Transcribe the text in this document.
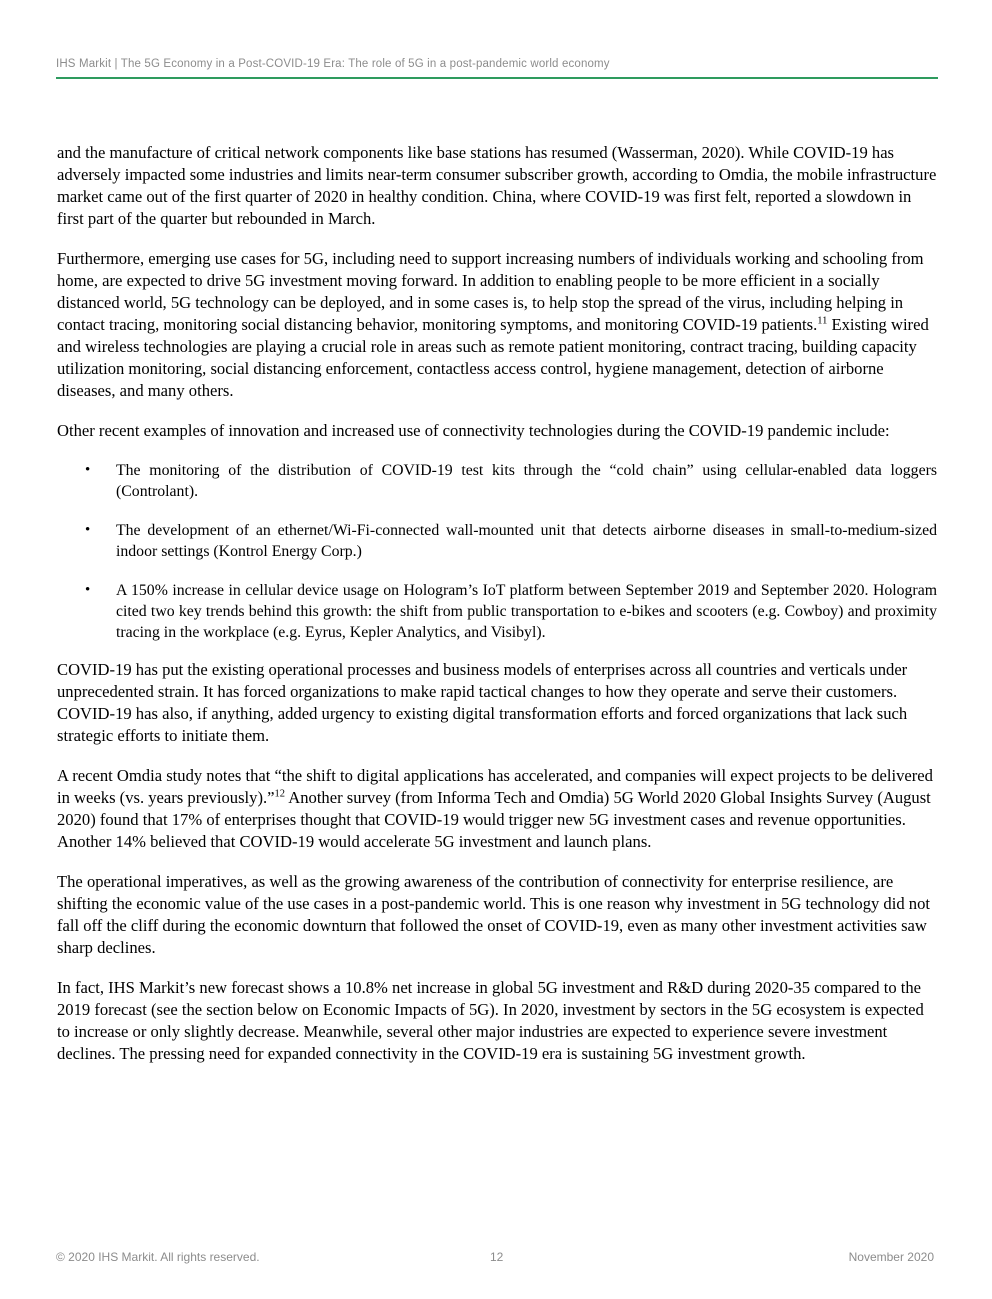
IHS Markit | The 5G Economy in a Post-COVID-19 Era: The role of 5G in a post-pandemic world economy

and the manufacture of critical network components like base stations has resumed (Wasserman, 2020). While COVID-19 has adversely impacted some industries and limits near-term consumer subscriber growth, according to Omdia, the mobile infrastructure market came out of the first quarter of 2020 in healthy condition. China, where COVID-19 was first felt, reported a slowdown in first part of the quarter but rebounded in March.

Furthermore, emerging use cases for 5G, including need to support increasing numbers of individuals working and schooling from home, are expected to drive 5G investment moving forward. In addition to enabling people to be more efficient in a socially distanced world, 5G technology can be deployed, and in some cases is, to help stop the spread of the virus, including helping in contact tracing, monitoring social distancing behavior, monitoring symptoms, and monitoring COVID-19 patients.$^{11}$ Existing wired and wireless technologies are playing a crucial role in areas such as remote patient monitoring, contract tracing, building capacity utilization monitoring, social distancing enforcement, contactless access control, hygiene management, detection of airborne diseases, and many others.

Other recent examples of innovation and increased use of connectivity technologies during the COVID-19 pandemic include:

• The monitoring of the distribution of COVID-19 test kits through the “cold chain” using cellular-enabled data loggers (Controlant).
• The development of an ethernet/Wi-Fi-connected wall-mounted unit that detects airborne diseases in small-to-medium-sized indoor settings (Kontrol Energy Corp.)
• A 150% increase in cellular device usage on Hologram’s IoT platform between September 2019 and September 2020. Hologram cited two key trends behind this growth: the shift from public transportation to e-bikes and scooters (e.g. Cowboy) and proximity tracing in the workplace (e.g. Eyrus, Kepler Analytics, and Visibyl).

COVID-19 has put the existing operational processes and business models of enterprises across all countries and verticals under unprecedented strain. It has forced organizations to make rapid tactical changes to how they operate and serve their customers. COVID-19 has also, if anything, added urgency to existing digital transformation efforts and forced organizations that lack such strategic efforts to initiate them.

A recent Omdia study notes that “the shift to digital applications has accelerated, and companies will expect projects to be delivered in weeks (vs. years previously).”$^{12}$ Another survey (from Informa Tech and Omdia) 5G World 2020 Global Insights Survey (August 2020) found that 17% of enterprises thought that COVID-19 would trigger new 5G investment cases and revenue opportunities. Another 14% believed that COVID-19 would accelerate 5G investment and launch plans.

The operational imperatives, as well as the growing awareness of the contribution of connectivity for enterprise resilience, are shifting the economic value of the use cases in a post-pandemic world. This is one reason why investment in 5G technology did not fall off the cliff during the economic downturn that followed the onset of COVID-19, even as many other investment activities saw sharp declines.

In fact, IHS Markit’s new forecast shows a 10.8% net increase in global 5G investment and R&D during 2020-35 compared to the 2019 forecast (see the section below on Economic Impacts of 5G). In 2020, investment by sectors in the 5G ecosystem is expected to increase or only slightly decrease. Meanwhile, several other major industries are expected to experience severe investment declines. The pressing need for expanded connectivity in the COVID-19 era is sustaining 5G investment growth.

© 2020 IHS Markit. All rights reserved.	12	November 2020
